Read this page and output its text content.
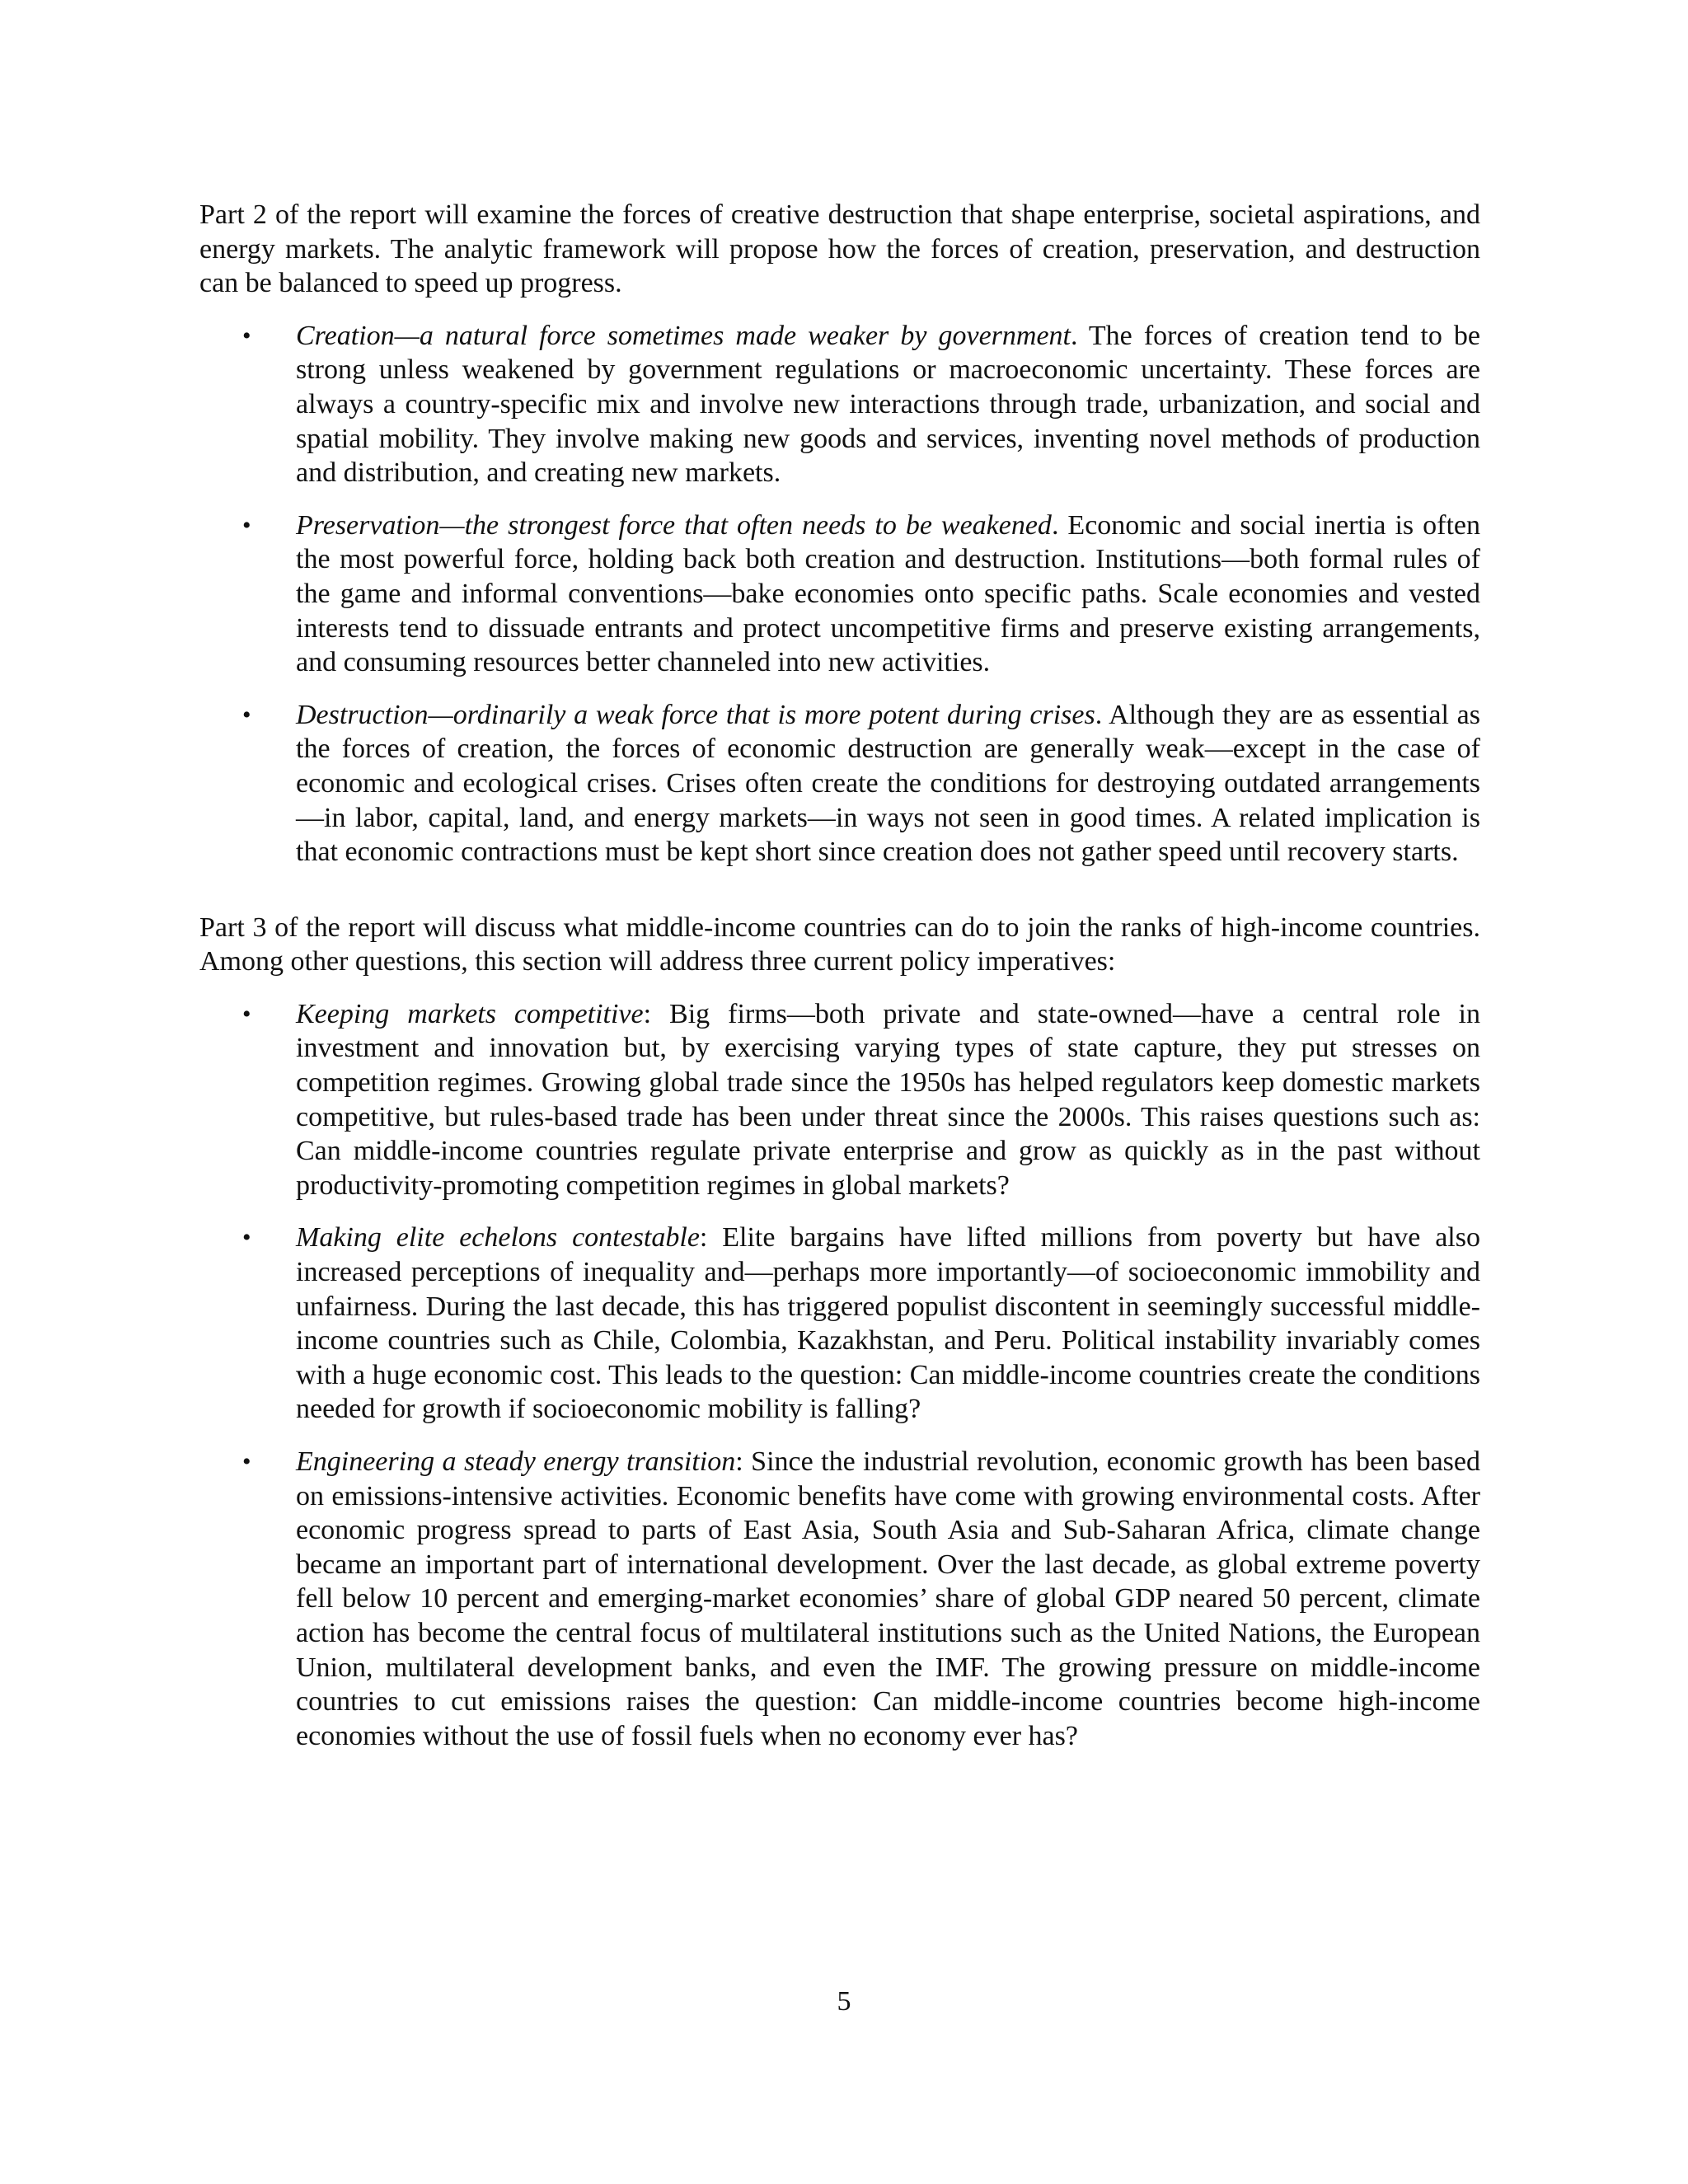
Part 2 of the report will examine the forces of creative destruction that shape enterprise, societal aspirations, and energy markets. The analytic framework will propose how the forces of creation, preservation, and destruction can be balanced to speed up progress.

• Creation—a natural force sometimes made weaker by government. The forces of creation tend to be strong unless weakened by government regulations or macroeconomic uncertainty. These forces are always a country-specific mix and involve new interactions through trade, urbanization, and social and spatial mobility. They involve making new goods and services, inventing novel methods of production and distribution, and creating new markets.
• Preservation—the strongest force that often needs to be weakened. Economic and social inertia is often the most powerful force, holding back both creation and destruction. Institutions—both formal rules of the game and informal conventions—bake economies onto specific paths. Scale economies and vested interests tend to dissuade entrants and protect uncompetitive firms and preserve existing arrangements, and consuming resources better channeled into new activities.
• Destruction—ordinarily a weak force that is more potent during crises. Although they are as essential as the forces of creation, the forces of economic destruction are generally weak—except in the case of economic and ecological crises. Crises often create the conditions for destroying outdated arrangements—in labor, capital, land, and energy markets—in ways not seen in good times. A related implication is that economic contractions must be kept short since creation does not gather speed until recovery starts.

Part 3 of the report will discuss what middle-income countries can do to join the ranks of high-income countries. Among other questions, this section will address three current policy imperatives:

• Keeping markets competitive: Big firms—both private and state-owned—have a central role in investment and innovation but, by exercising varying types of state capture, they put stresses on competition regimes. Growing global trade since the 1950s has helped regulators keep domestic markets competitive, but rules-based trade has been under threat since the 2000s. This raises questions such as: Can middle-income countries regulate private enterprise and grow as quickly as in the past without productivity-promoting competition regimes in global markets?
• Making elite echelons contestable: Elite bargains have lifted millions from poverty but have also increased perceptions of inequality and—perhaps more importantly—of socioeconomic immobility and unfairness. During the last decade, this has triggered populist discontent in seemingly successful middle-income countries such as Chile, Colombia, Kazakhstan, and Peru. Political instability invariably comes with a huge economic cost. This leads to the question: Can middle-income countries create the conditions needed for growth if socioeconomic mobility is falling?
• Engineering a steady energy transition: Since the industrial revolution, economic growth has been based on emissions-intensive activities. Economic benefits have come with growing environmental costs. After economic progress spread to parts of East Asia, South Asia and Sub-Saharan Africa, climate change became an important part of international development. Over the last decade, as global extreme poverty fell below 10 percent and emerging-market economies’ share of global GDP neared 50 percent, climate action has become the central focus of multilateral institutions such as the United Nations, the European Union, multilateral development banks, and even the IMF. The growing pressure on middle-income countries to cut emissions raises the question: Can middle-income countries become high-income economies without the use of fossil fuels when no economy ever has?
5
